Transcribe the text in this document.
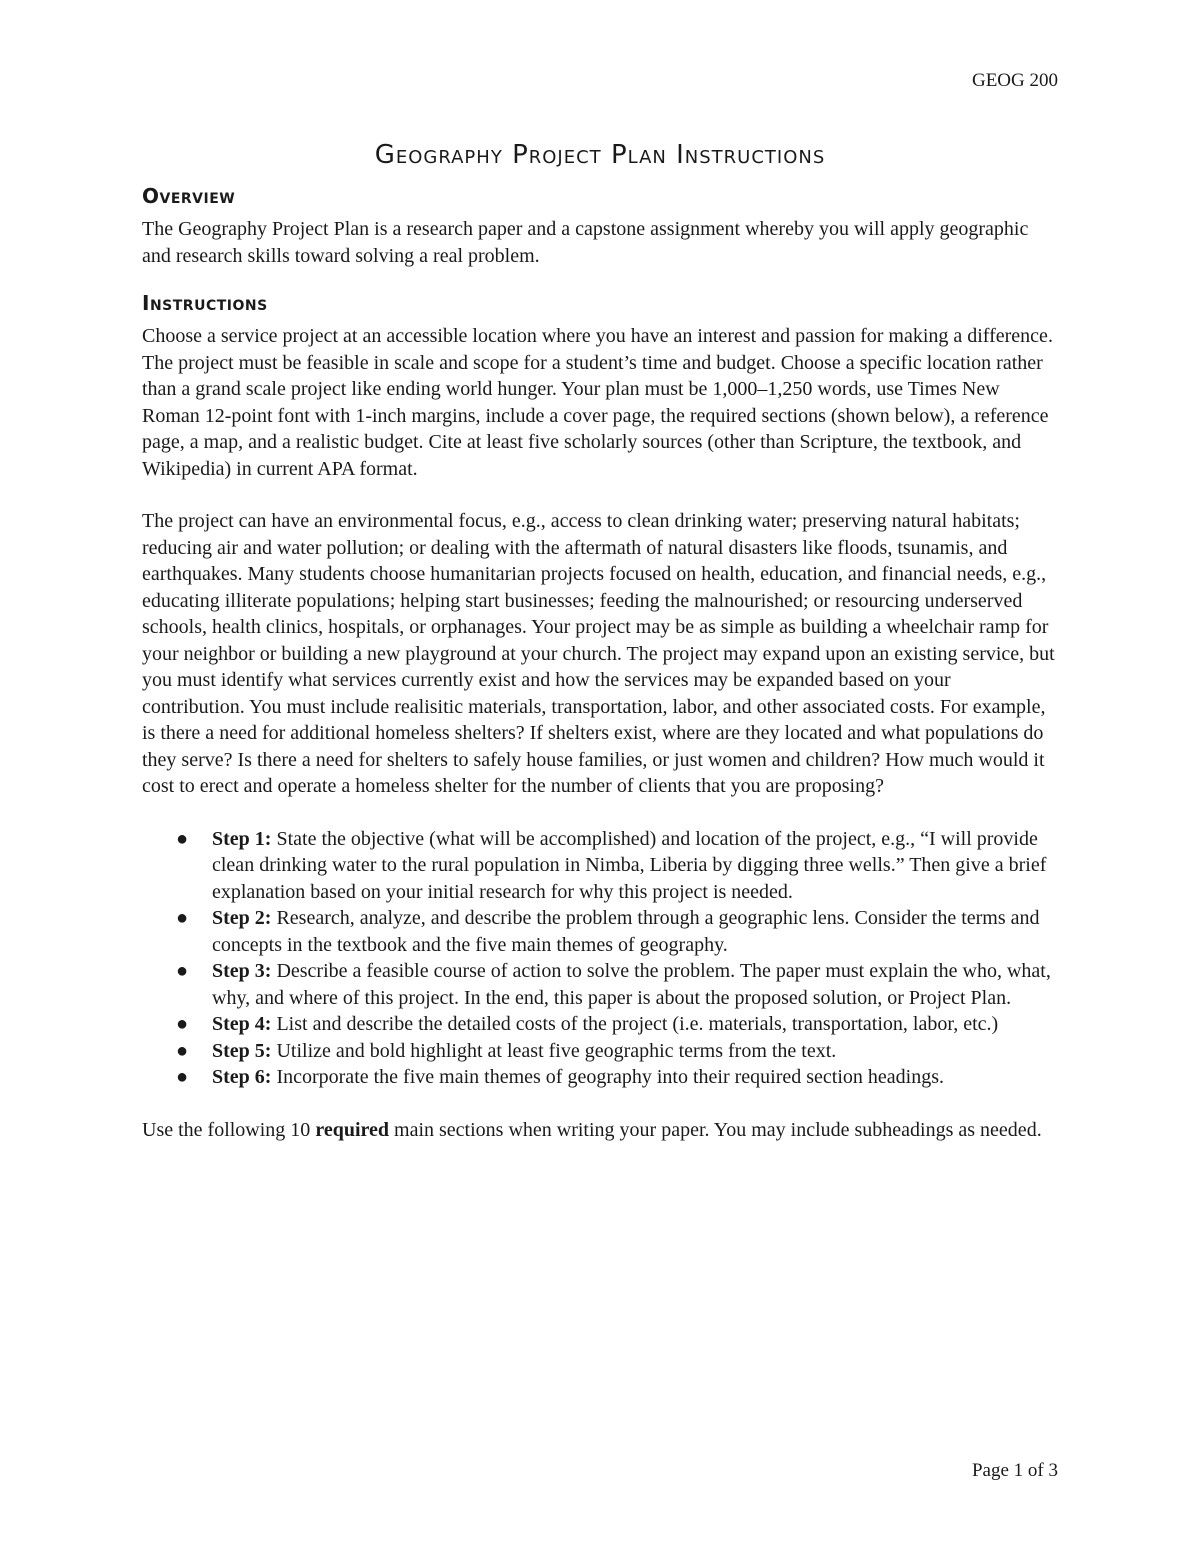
GEOG 200
Geography Project Plan Instructions
Overview

The Geography Project Plan is a research paper and a capstone assignment whereby you will apply geographic and research skills toward solving a real problem.

Instructions

Choose a service project at an accessible location where you have an interest and passion for making a difference. The project must be feasible in scale and scope for a student’s time and budget. Choose a specific location rather than a grand scale project like ending world hunger. Your plan must be 1,000–1,250 words, use Times New Roman 12-point font with 1-inch margins, include a cover page, the required sections (shown below), a reference page, a map, and a realistic budget. Cite at least five scholarly sources (other than Scripture, the textbook, and Wikipedia) in current APA format.

The project can have an environmental focus, e.g., access to clean drinking water; preserving natural habitats; reducing air and water pollution; or dealing with the aftermath of natural disasters like floods, tsunamis, and earthquakes. Many students choose humanitarian projects focused on health, education, and financial needs, e.g., educating illiterate populations; helping start businesses; feeding the malnourished; or resourcing underserved schools, health clinics, hospitals, or orphanages. Your project may be as simple as building a wheelchair ramp for your neighbor or building a new playground at your church. The project may expand upon an existing service, but you must identify what services currently exist and how the services may be expanded based on your contribution. You must include realisitic materials, transportation, labor, and other associated costs. For example, is there a need for additional homeless shelters? If shelters exist, where are they located and what populations do they serve? Is there a need for shelters to safely house families, or just women and children? How much would it cost to erect and operate a homeless shelter for the number of clients that you are proposing?

● Step 1: State the objective (what will be accomplished) and location of the project, e.g., “I will provide clean drinking water to the rural population in Nimba, Liberia by digging three wells.” Then give a brief explanation based on your initial research for why this project is needed.
● Step 2: Research, analyze, and describe the problem through a geographic lens. Consider the terms and concepts in the textbook and the five main themes of geography.
● Step 3: Describe a feasible course of action to solve the problem. The paper must explain the who, what, why, and where of this project. In the end, this paper is about the proposed solution, or Project Plan.
● Step 4: List and describe the detailed costs of the project (i.e. materials, transportation, labor, etc.)
● Step 5: Utilize and bold highlight at least five geographic terms from the text.
● Step 6: Incorporate the five main themes of geography into their required section headings.

Use the following 10 required main sections when writing your paper. You may include subheadings as needed.

Page 1 of 3
